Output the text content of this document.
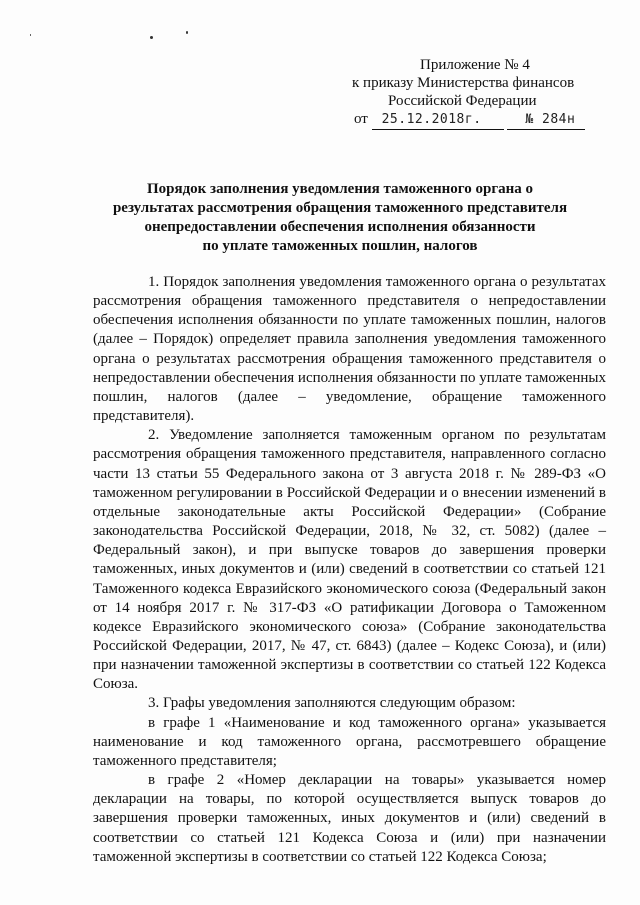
Приложение № 4
к приказу Министерства финансов
Российской Федерации
от 25.12.2018г.	№ 284н
Порядок заполнения уведомления таможенного органа о
результатах рассмотрения обращения таможенного представителя
онепредоставлении обеспечения исполнения обязанности
по уплате таможенных пошлин, налогов

1. Порядок заполнения уведомления таможенного органа о результатах рассмотрения обращения таможенного представителя о непредоставлении обеспечения исполнения обязанности по уплате таможенных пошлин, налогов (далее – Порядок) определяет правила заполнения уведомления таможенного органа о результатах рассмотрения обращения таможенного представителя о непредоставлении обеспечения исполнения обязанности по уплате таможенных пошлин, налогов (далее – уведомление, обращение таможенного представителя).

2. Уведомление заполняется таможенным органом по результатам рассмотрения обращения таможенного представителя, направленного согласно части 13 статьи 55 Федерального закона от 3 августа 2018 г. № 289-ФЗ «О таможенном регулировании в Российской Федерации и о внесении изменений в отдельные законодательные акты Российской Федерации» (Собрание законодательства Российской Федерации, 2018, № 32, ст. 5082) (далее – Федеральный закон), и при выпуске товаров до завершения проверки таможенных, иных документов и (или) сведений в соответствии со статьей 121 Таможенного кодекса Евразийского экономического союза (Федеральный закон от 14 ноября 2017 г. № 317-ФЗ «О ратификации Договора о Таможенном кодексе Евразийского экономического союза» (Собрание законодательства Российской Федерации, 2017, № 47, ст. 6843) (далее – Кодекс Союза), и (или) при назначении таможенной экспертизы в соответствии со статьей 122 Кодекса Союза.

3. Графы уведомления заполняются следующим образом:

в графе 1 «Наименование и код таможенного органа» указывается наименование и код таможенного органа, рассмотревшего обращение таможенного представителя;

в графе 2 «Номер декларации на товары» указывается номер декларации на товары, по которой осуществляется выпуск товаров до завершения проверки таможенных, иных документов и (или) сведений в соответствии со статьей 121 Кодекса Союза и (или) при назначении таможенной экспертизы в соответствии со статьей 122 Кодекса Союза;
